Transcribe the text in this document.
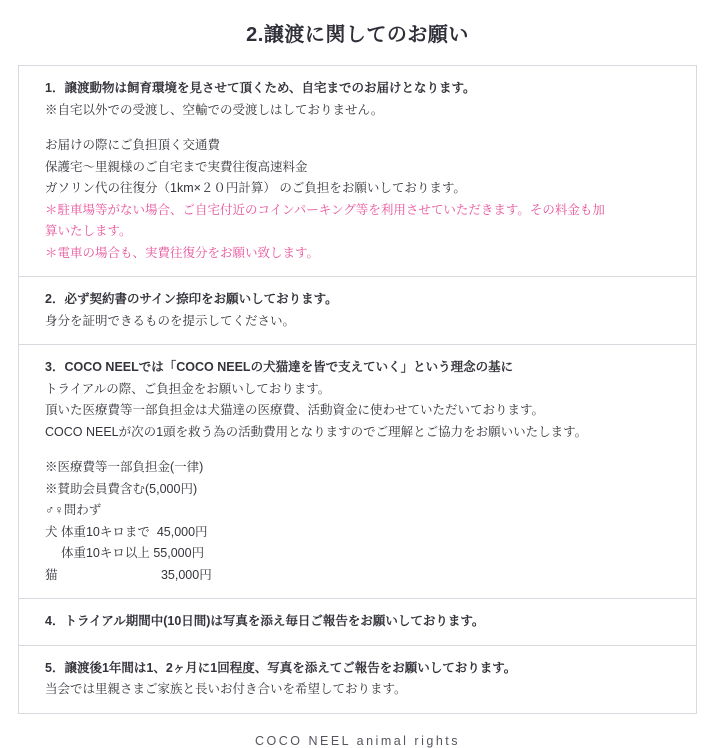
2.譲渡に関してのお願い
1．譲渡動物は飼育環境を見させて頂くため、自宅までのお届けとなります。
※自宅以外での受渡し、空輸での受渡しはしておりません。
お届けの際にご負担頂く交通費
保護宅～里親様のご自宅まで実費往復高速料金
ガソリン代の往復分（1km×２０円計算） のご負担をお願いしております。
＊駐車場等がない場合、ご自宅付近のコインパーキング等を利用させていただきます。その料金も加
算いたします。
＊電車の場合も、実費往復分をお願い致します。
2．必ず契約書のサイン捺印をお願いしております。
身分を証明できるものを提示してください。
3．COCO NEELでは「COCO NEELの犬猫達を皆で支えていく」という理念の基に
トライアルの際、ご負担金をお願いしております。
頂いた医療費等一部負担金は犬猫達の医療費、活動資金に使わせていただいております。
COCO NEELが次の1頭を救う為の活動費用となりますのでご理解とご協力をお願いいたします。
※医療費等一部負担金(一律)
※賛助会員費含む(5,000円)
♂♀問わず
犬 体重10キロまで  45,000円
　 体重10キロ以上 55,000円
猫　　　　　　　　 35,000円
4．トライアル期間中(10日間)は写真を添え毎日ご報告をお願いしております。
5．譲渡後1年間は1、2ヶ月に1回程度、写真を添えてご報告をお願いしております。
当会では里親さまご家族と長いお付き合いを希望しております。
COCO NEEL animal rights
